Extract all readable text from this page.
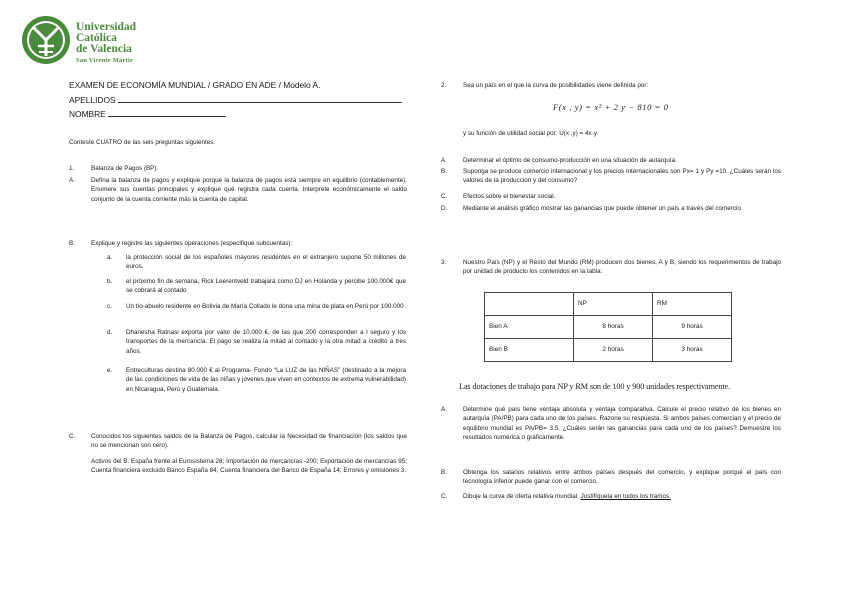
Universidad
Católica
de Valencia
San Vicente Mártir
EXAMEN DE ECONOMÍA MUNDIAL / GRADO EN ADE / Modelo A.
APELLIDOS
NOMBRE
Conteste CUATRO de las seis preguntas siguientes.
1.	Balanza de Pagos (BP).
A.	Defina la balanza de pagos y explique porqué la balanza de pagos está siempre en equilibrio (contablemente). Enumere sus cuentas principales y explique qué registra cada cuenta. Interprete económicamente el saldo conjunto de la cuenta corriente más la cuenta de capital.
B.	Explique y registre las siguientes operaciones (especifique subcuentas):
a. la protección social de los españoles mayores residentes en el extranjero supone 50 millones de euros.
b. el próximo fin de semana, Rick Leerentveld trabajará como DJ en Holanda y percibe 100.000€ que se cobrará al contado
c. Un tío-abuelo residente en Bolivia de María Collado le dona una mina de plata en Perú por 100.000
d. Dhanesha Ratnasi exporta por valor de 10.000 €, de las que 200 corresponden a l seguro y los transportes de la mercancía. El pago se realiza la mitad al contado y la otra mitad a crédito a tres años.
e. Entreculturas destina 80.000 € al Programa- Fondo “La LUZ de las NIÑAS” (destinado a la mejora de las condiciones de vida de las niñas y jóvenes que viven en contextos de extrema vulnerabilidad) en Nicaragua, Perú y Guatemala.
C. Conocidos los siguientes saldos de la Balanza de Pagos, calcular la Necesidad de financiación (los saldos que no se mencionan son cero).
Activos del B. España frente al Eurosistema 28; Importación de mercancías -200; Exportación de mercancías 95; Cuenta financiera excluido Banco España 84; Cuenta financiera del Banco de España 14; Errores y omisiones 3.
2.	Sea un país en el que la curva de posibilidades viene definida por:
F(x , y) = x² + 2 y − 810 = 0
y su función de utilidad social por: U(x ,y) = 4x·y
A.	Determinar el óptimo de consumo-producción en una situación de autarquía.
B.	Suponga se produce comercio internacional y los precios internacionales son Px= 1 y Py =10. ¿Cuáles serán los valores de la producción y del consumo?
C. Efectos sobre el bienestar social.
D. Mediante el análisis gráfico mostrar las ganancias que puede obtener un país a través del comercio.
3.	Nuestro País (NP) y el Resto del Mundo (RM) producen dos bienes, A y B, siendo los requerimientos de trabajo por unidad de producto los contenidos en la tabla:
	NP	RM
Bien A	8 horas	9 horas
Bien B	2 horas	3 horas
Las dotaciones de trabajo para NP y RM son de 100 y 900 unidades respectivamente.
A.	Determine qué país tiene ventaja absoluta y ventaja comparativa. Calcule el precio relativo de los bienes en autarquía (PA/PB) para cada uno de los países. Razone su respuesta. Si ambos países comercian y el precio de equilibrio mundial es PA/PB= 3.5. ¿Cuáles serán las ganancias para cada uno de los países? Demuestre los resultados numérica o gráficamente.
B.	Obtenga los salarios relativos entre ambos países después del comercio, y explique porqué el país con tecnología inferior puede ganar con el comercio.
C. Dibuje la curva de oferta relativa mundial. Justifíquela en todos los tramos.
